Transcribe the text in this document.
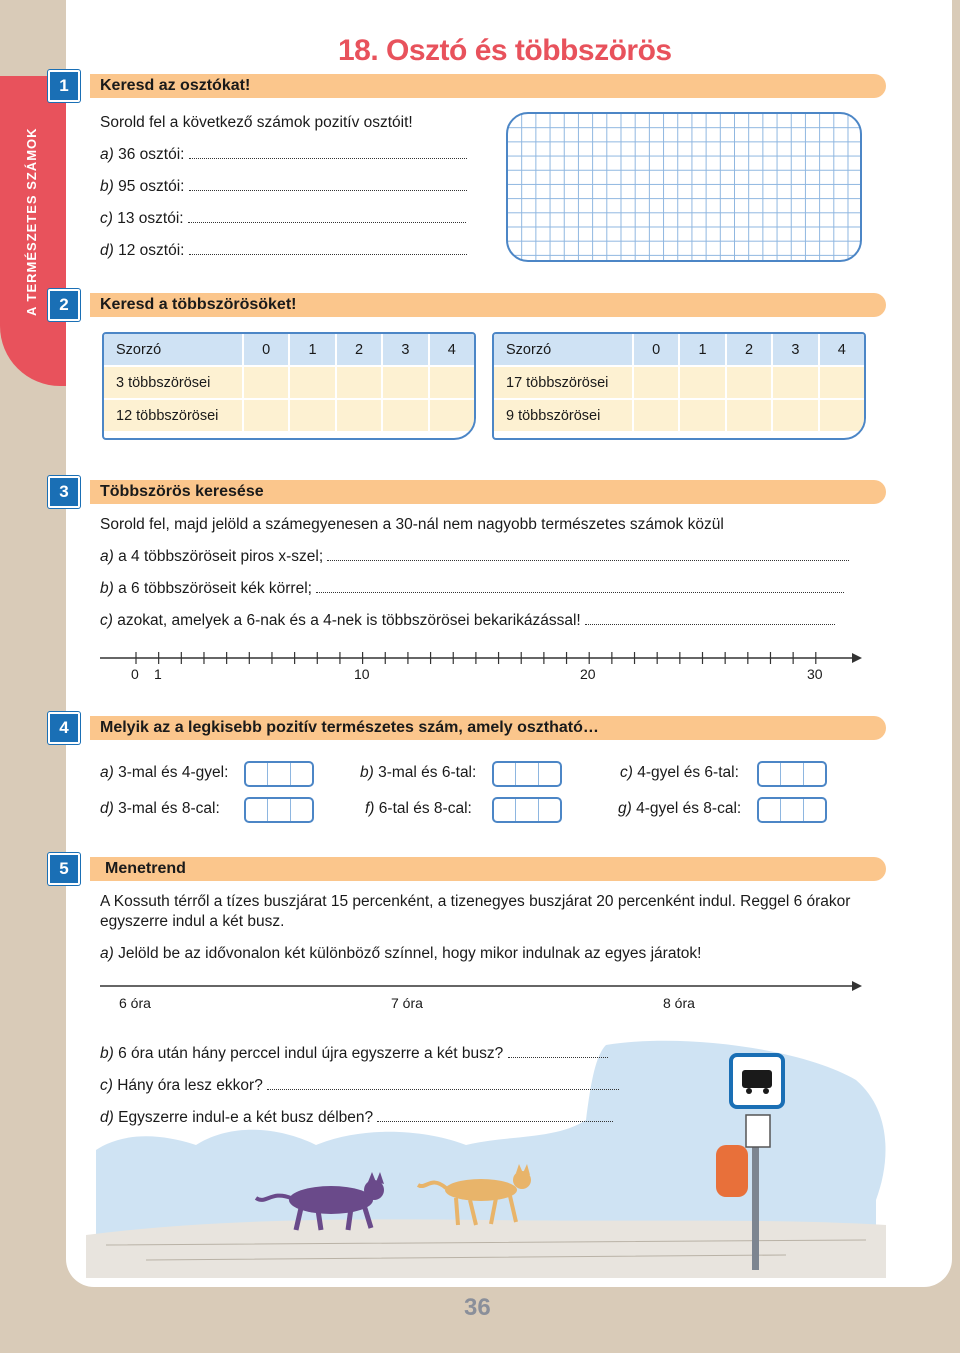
A TERMÉSZETES SZÁMOK
18. Osztó és többszörös
1	Keresd az osztókat!
Sorold fel a következő számok pozitív osztóit!
a) 36 osztói:
b) 95 osztói:
c) 13 osztói:
d) 12 osztói:
2	Keresd a többszörösöket!
Szorzó	0	1	2	3	4
3 többszörösei					
12 többszörösei					
Szorzó	0	1	2	3	4
17 többszörösei					
9 többszörösei					
3	Többszörös keresése
Sorold fel, majd jelöld a számegyenesen a 30-nál nem nagyobb természetes számok közül
a) a 4 többszöröseit piros x-szel;
b) a 6 többszöröseit kék körrel;
c) azokat, amelyek a 6-nak és a 4-nek is többszörösei bekarikázással!
0 1	10	20	30
4	Melyik az a legkisebb pozitív természetes szám, amely osztható…
a) 3-mal és 4-gyel:	b) 3-mal és 6-tal:	c) 4-gyel és 6-tal:
d) 3-mal és 8-cal:	f) 6-tal és 8-cal:	g) 4-gyel és 8-cal:
5	Menetrend
A Kossuth térről a tízes buszjárat 15 percenként, a tizenegyes buszjárat 20 percenként indul. Reggel 6 órakor
egyszerre indul a két busz.
a) Jelöld be az idővonalon két különböző színnel, hogy mikor indulnak az egyes járatok!
6 óra	7 óra	8 óra
b) 6 óra után hány perccel indul újra egyszerre a két busz?
c) Hány óra lesz ekkor?
d) Egyszerre indul-e a két busz délben?
36
